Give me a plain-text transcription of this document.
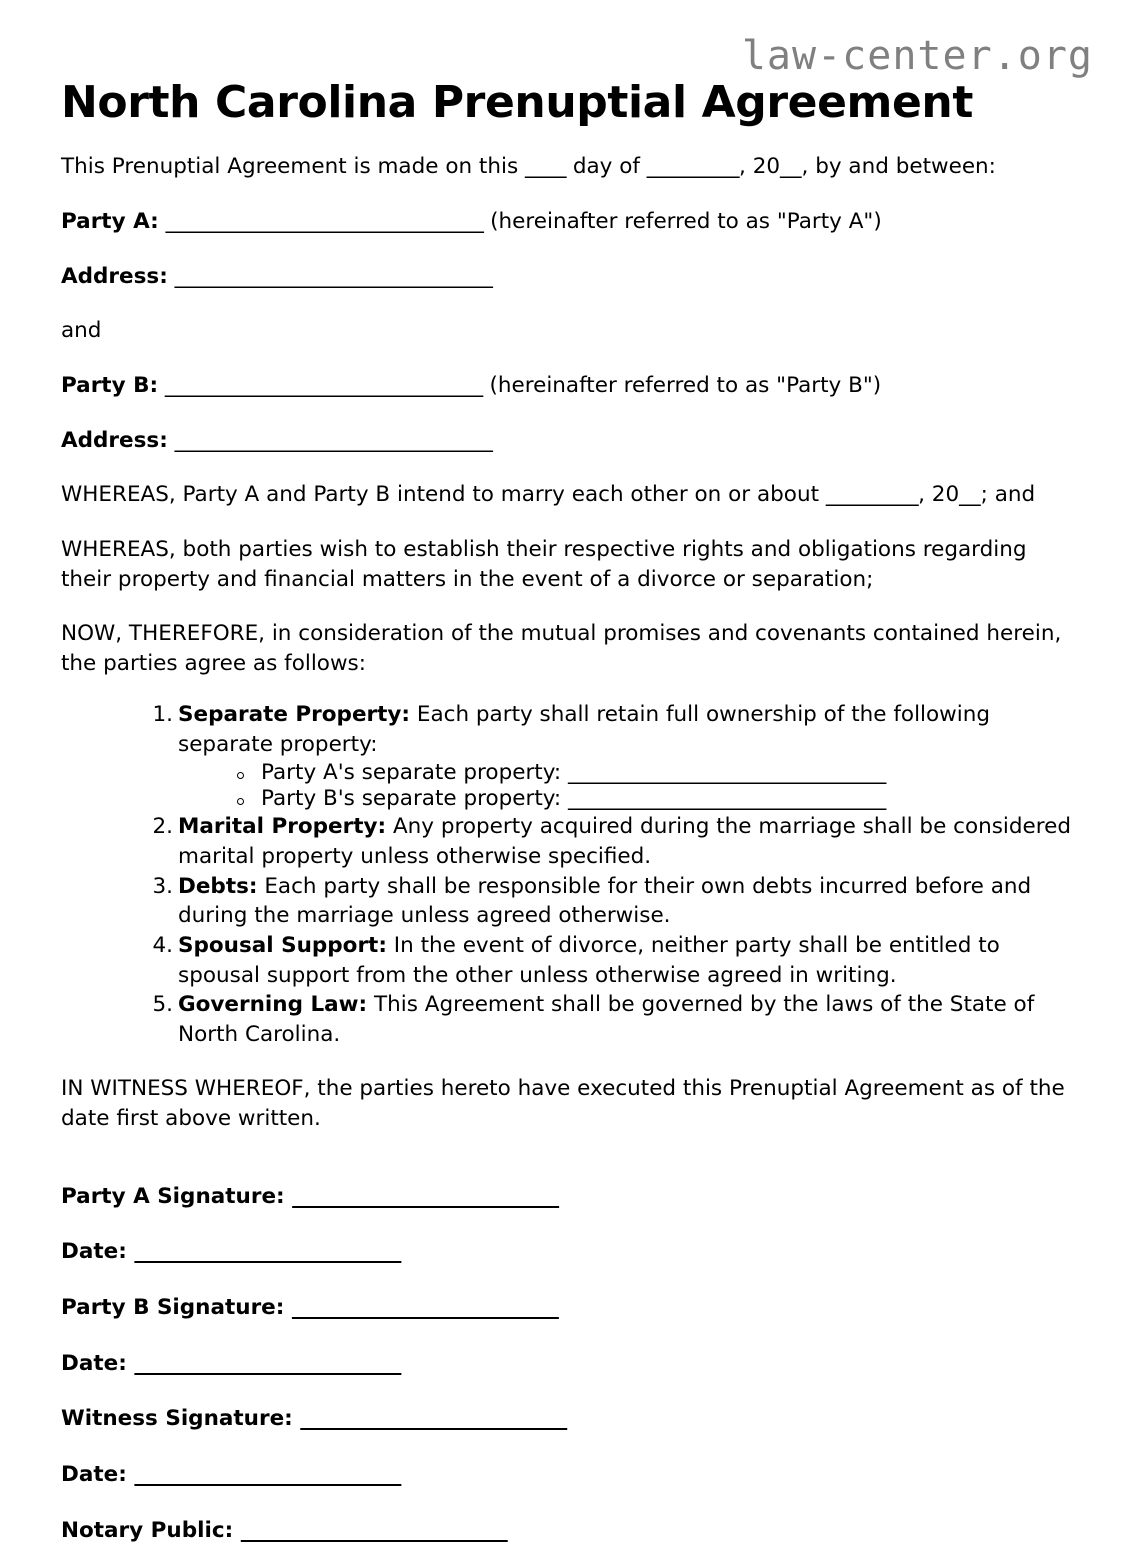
law-center.org
North Carolina Prenuptial Agreement

This Prenuptial Agreement is made on this ____ day of _________, 20__, by and between:

Party A: _______________________________ (hereinafter referred to as "Party A")

Address: _______________________________

and

Party B: _______________________________ (hereinafter referred to as "Party B")

Address: _______________________________

WHEREAS, Party A and Party B intend to marry each other on or about _________, 20__; and

WHEREAS, both parties wish to establish their respective rights and obligations regarding their property and financial matters in the event of a divorce or separation;

NOW, THEREFORE, in consideration of the mutual promises and covenants contained herein, the parties agree as follows:

Separate Property: Each party shall retain full ownership of the following separate property:
Party A's separate property: _______________________________
Party B's separate property: _______________________________
Marital Property: Any property acquired during the marriage shall be considered marital property unless otherwise specified.
Debts: Each party shall be responsible for their own debts incurred before and during the marriage unless agreed otherwise.
Spousal Support: In the event of divorce, neither party shall be entitled to spousal support from the other unless otherwise agreed in writing.
Governing Law: This Agreement shall be governed by the laws of the State of North Carolina.

IN WITNESS WHEREOF, the parties hereto have executed this Prenuptial Agreement as of the date first above written.

Party A Signature: __________________________

Date: __________________________

Party B Signature: __________________________

Date: __________________________

Witness Signature: __________________________

Date: __________________________

Notary Public: __________________________
